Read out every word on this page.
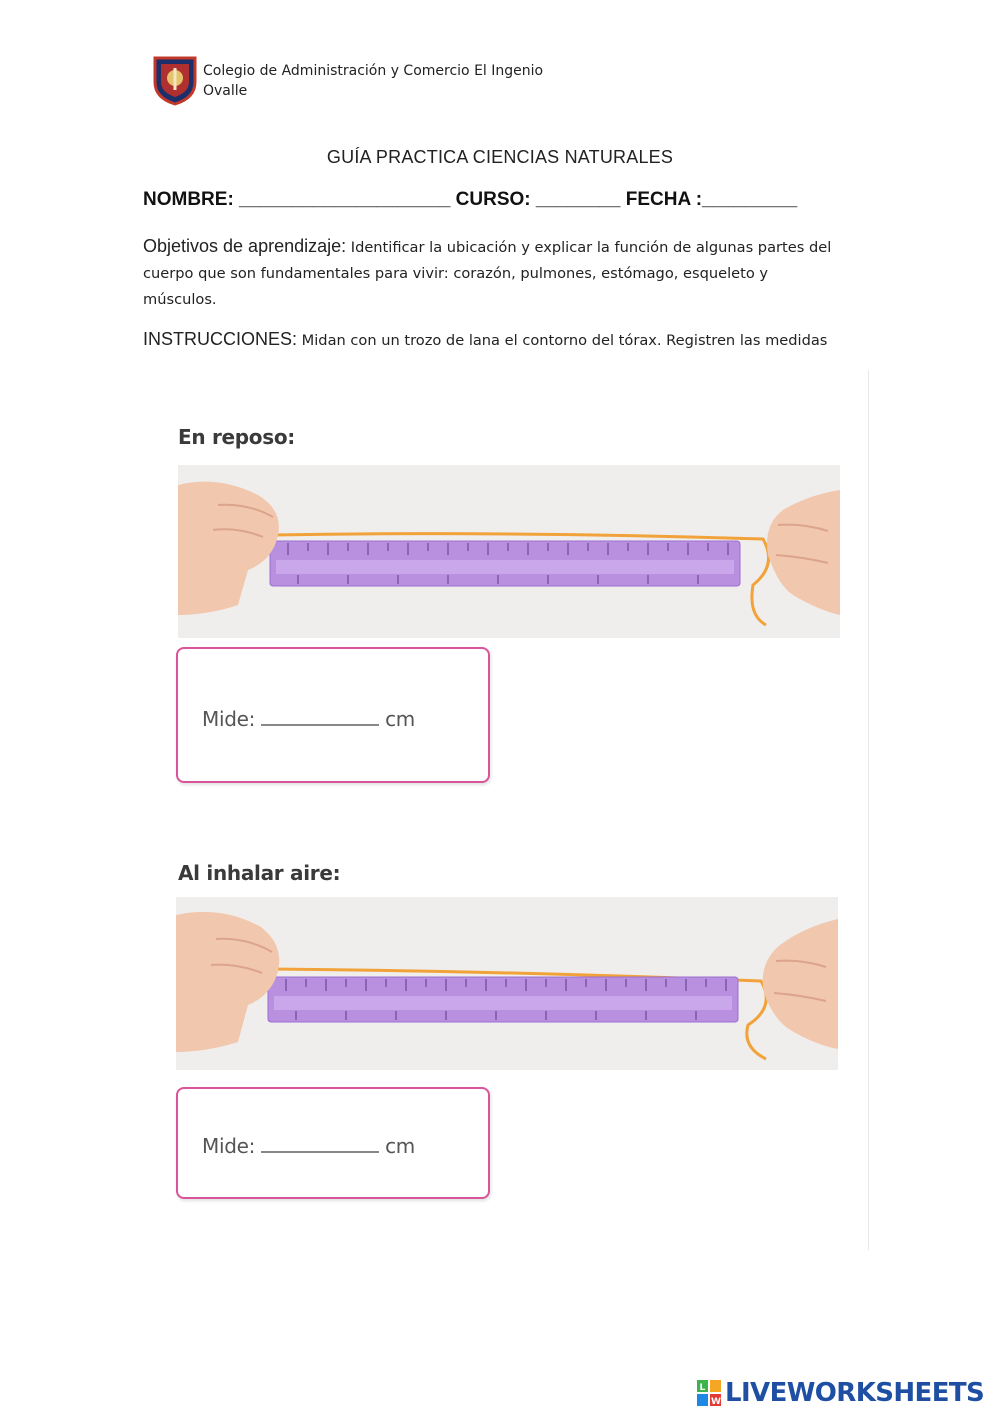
Colegio de Administración y Comercio El Ingenio
Ovalle
GUÍA PRACTICA CIENCIAS NATURALES
NOMBRE: ____________________ CURSO: ________ FECHA :_________
Objetivos de aprendizaje: Identificar la ubicación y explicar la función de algunas partes del cuerpo que son fundamentales para vivir: corazón, pulmones, estómago, esqueleto y músculos.
INSTRUCCIONES: Midan con un trozo de lana el contorno del tórax. Registren las medidas
En reposo:
Mide:	cm
Al inhalar aire:
Mide:	cm
L
W LIVEWORKSHEETS
